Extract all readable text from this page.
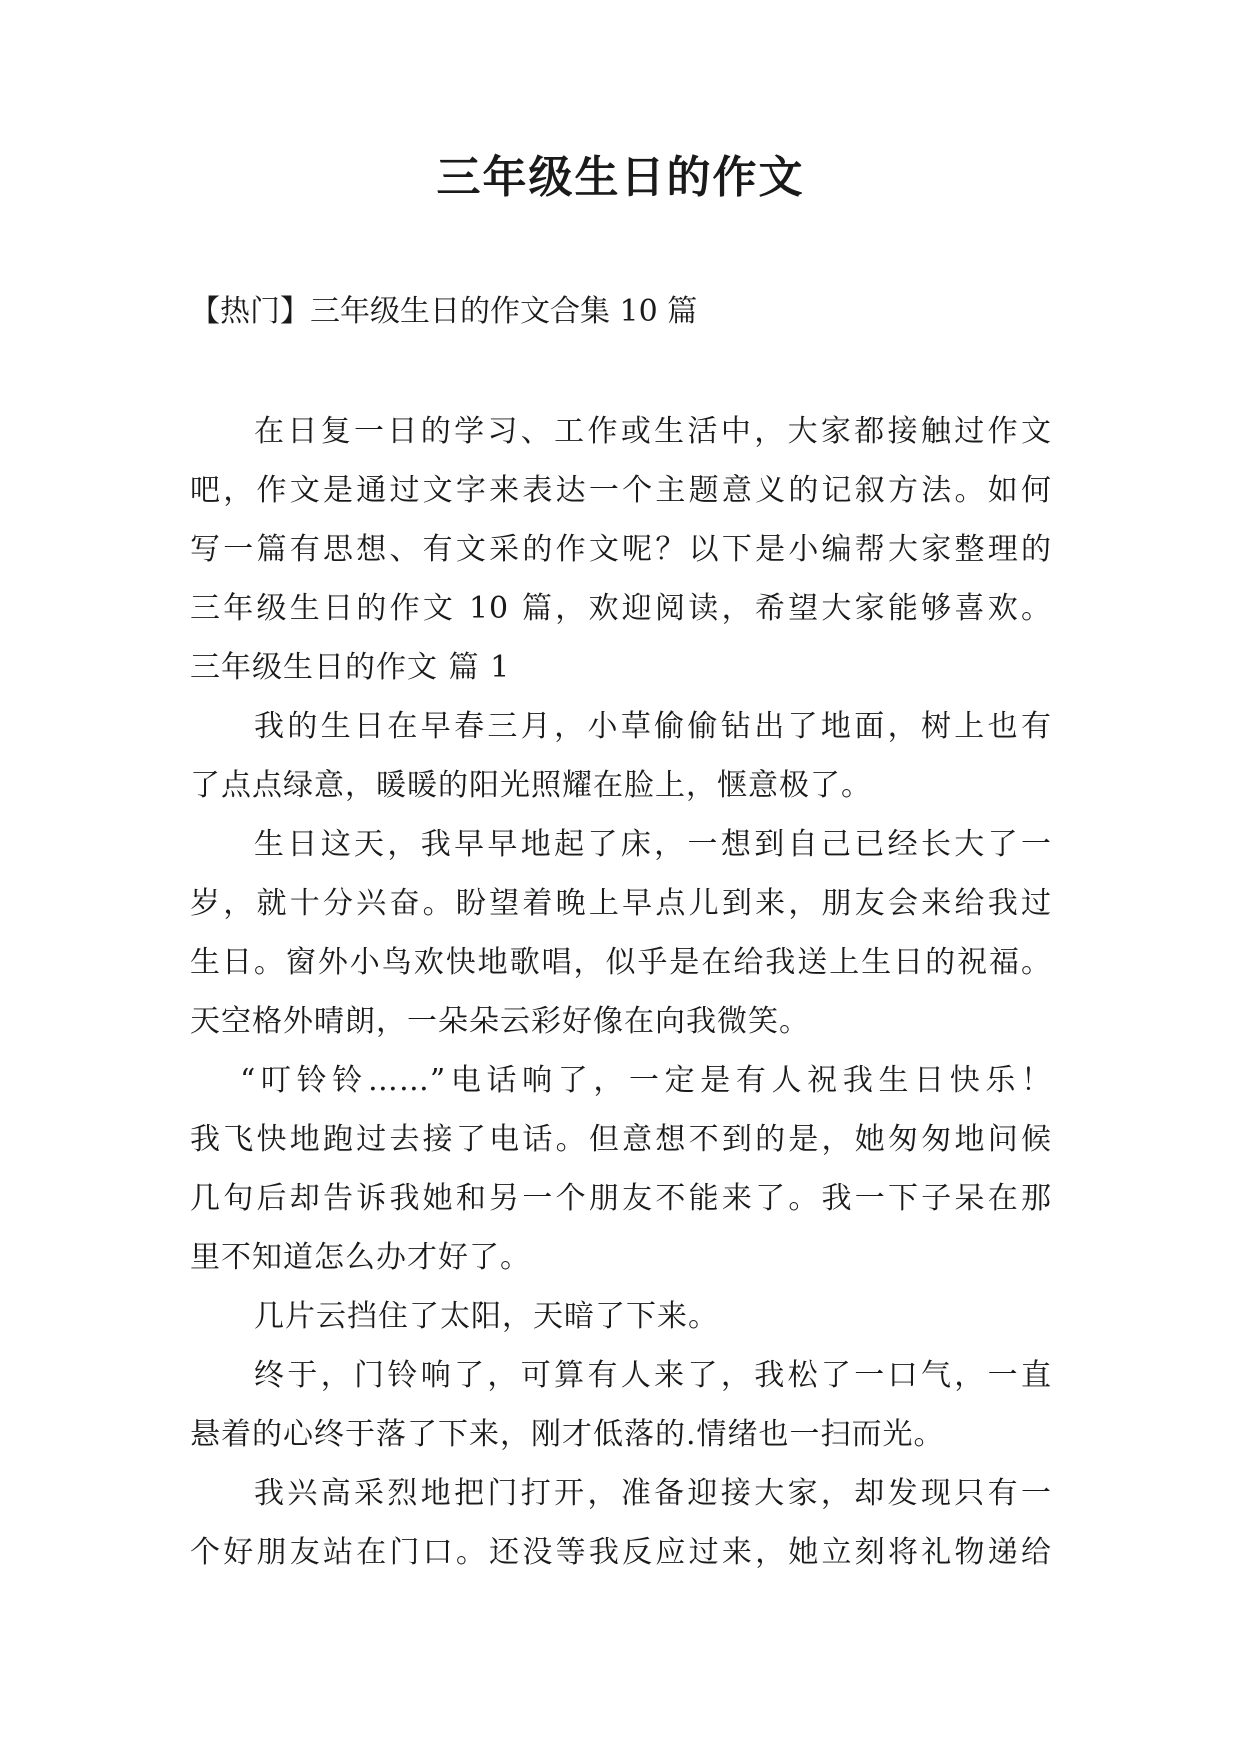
三年级生日的作文

【热门】三年级生日的作文合集 10 篇

在日复一日的学习、工作或生活中，大家都接触过作文
吧，作文是通过文字来表达一个主题意义的记叙方法。如何
写一篇有思想、有文采的作文呢？以下是小编帮大家整理的
三年级生日的作文 10 篇，欢迎阅读，希望大家能够喜欢。
三年级生日的作文 篇 1
我的生日在早春三月，小草偷偷钻出了地面，树上也有
了点点绿意，暖暖的阳光照耀在脸上，惬意极了。
生日这天，我早早地起了床，一想到自己已经长大了一
岁，就十分兴奋。盼望着晚上早点儿到来，朋友会来给我过
生日。窗外小鸟欢快地歌唱，似乎是在给我送上生日的祝福。
天空格外晴朗，一朵朵云彩好像在向我微笑。
“叮铃铃……”电话响了，一定是有人祝我生日快乐！
我飞快地跑过去接了电话。但意想不到的是，她匆匆地问候
几句后却告诉我她和另一个朋友不能来了。我一下子呆在那
里不知道怎么办才好了。
几片云挡住了太阳，天暗了下来。
终于，门铃响了，可算有人来了，我松了一口气，一直
悬着的心终于落了下来，刚才低落的.情绪也一扫而光。
我兴高采烈地把门打开，准备迎接大家，却发现只有一
个好朋友站在门口。还没等我反应过来，她立刻将礼物递给
